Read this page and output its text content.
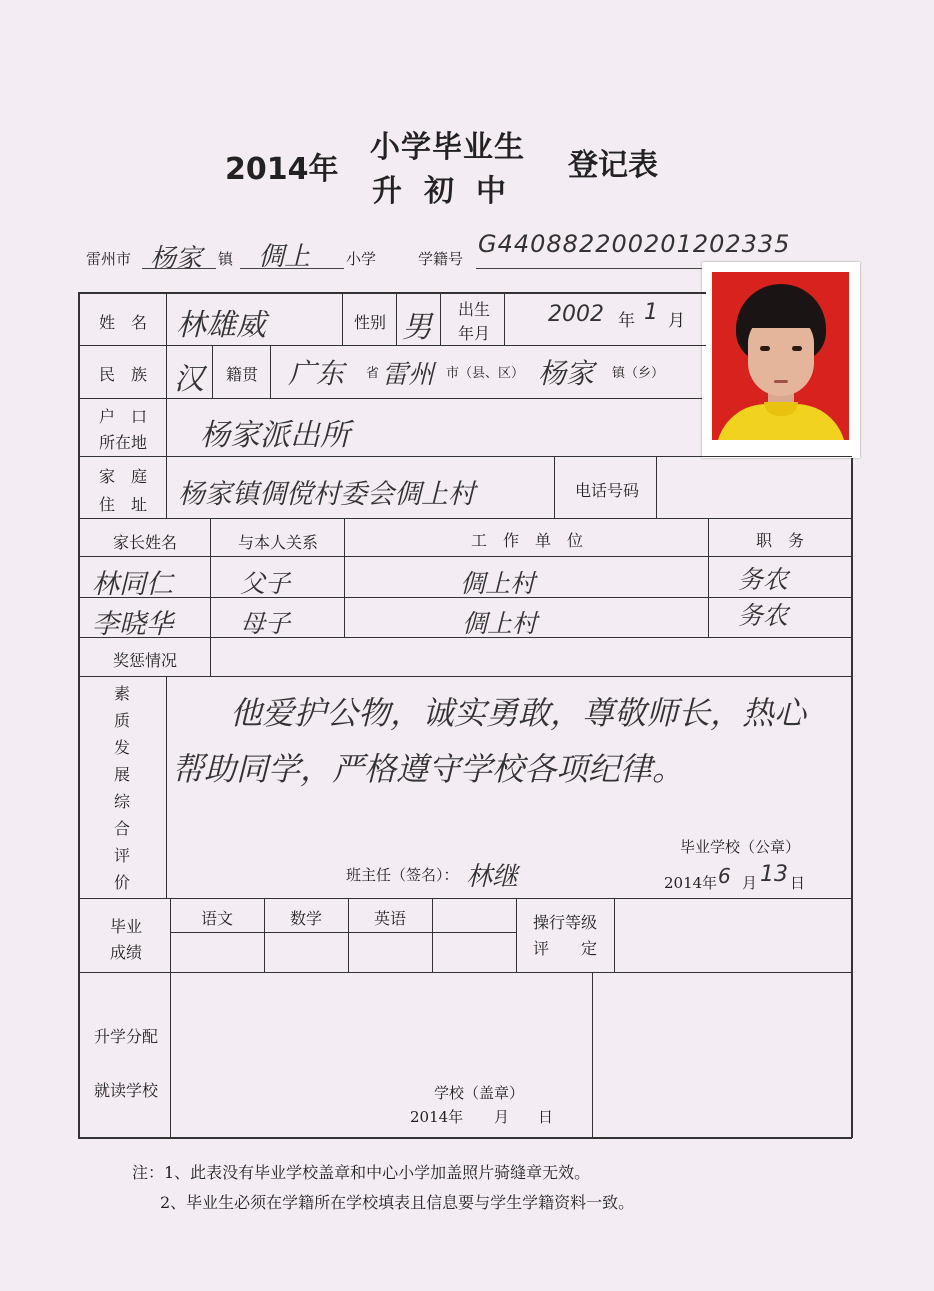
2014年
小学毕业生
升初中
登记表
雷州市 杨家 镇 倜上 小学	学籍号
G440882200201202335
姓　名 林雄威	性别 男
出生
年月
2002 年 1 月
民　族 汉	籍贯 广东 省 雷州 市（县、区） 杨家 镇（乡）
户　口
所在地	杨家派出所
家　庭
住　址	杨家镇倜傥村委会倜上村	电话号码
家长姓名	与本人关系	工　作　单　位	职　务
林同仁	父子	倜上村	务农
李晓华	母子	倜上村	务农
奖惩情况
素
质
发
展
综
合
评
价
他爱护公物，诚实勇敢，尊敬师长，热心
帮助同学，严格遵守学校各项纪律。
毕业学校（公章）
班主任（签名）： 林继	2014年 6 月 13 日
毕业
成绩
语文	数学	英语	操行等级
评　　定
升学分配
就读学校	学校（盖章）
2014年 月 日
注：1、此表没有毕业学校盖章和中心小学加盖照片骑缝章无效。
2、毕业生必须在学籍所在学校填表且信息要与学生学籍资料一致。
